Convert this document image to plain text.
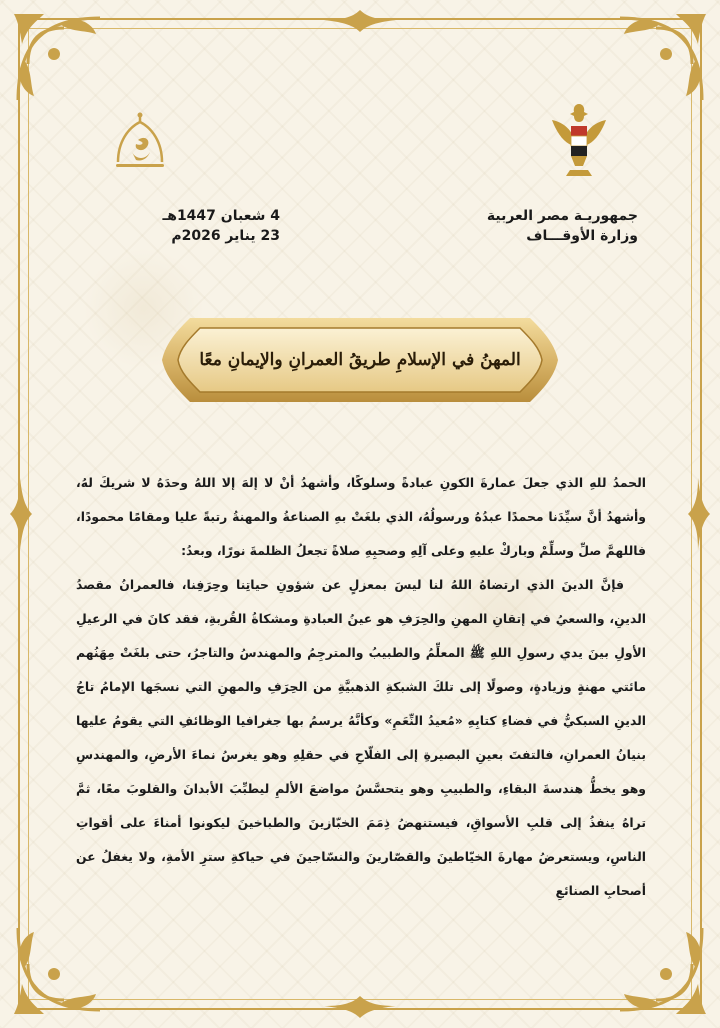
جمهوريـة مصر العربية
وزارة الأوقـــاف
4 شعبان 1447هـ
23 يناير 2026م
المهنُ في الإسلامِ طريقُ العمرانِ والإيمانِ معًا

الحمدُ للهِ الذي جعلَ عمارةَ الكونِ عبادةً وسلوكًا، وأشهدُ أنْ لا إلهَ إلا اللهُ وحدَهُ لا شريكَ لهُ، وأشهدُ أنَّ سيِّدَنا محمدًا عبدُهُ ورسولُهُ، الذي بلغَتْ بهِ الصناعةُ والمهنةُ رتبةً عليا ومقامًا محمودًا، فاللهمَّ صلِّ وسلِّمْ وباركْ عليهِ وعلى آلِهِ وصحبِهِ صلاةً تجعلُ الظلمةَ نورًا، وبعدُ:

فإنَّ الدينَ الذي ارتضاهُ اللهُ لنا ليسَ بمعزلٍ عن شؤونِ حياتِنا وحِرَفِنا، فالعمرانُ مقصدُ الدينِ، والسعيُ في إتقانِ المهنِ والحِرَفِ هو عينُ العبادةِ ومشكاةُ القُربةِ، فقد كانَ في الرعيلِ الأولِ بينَ يدي رسولِ اللهِ ﷺ المعلِّمُ والطبيبُ والمترجِمُ والمهندسُ والتاجرُ، حتى بلغَتْ مِهَنُهم مائتي مهنةٍ وزيادةٍ، وصولًا إلى تلكَ الشبكةِ الذهبيَّةِ من الحِرَفِ والمهنِ التي نسجَها الإمامُ تاجُ الدينِ السبكيُّ في فضاءِ كتابِهِ «مُعيدُ النِّعَمِ» وكأنَّهُ يرسمُ بها جغرافيا الوظائفِ التي يقومُ عليها بنيانُ العمرانِ، فالتفتَ بعينِ البصيرةِ إلى الفلّاحِ في حقلِهِ وهو يغرسُ نماءَ الأرضِ، والمهندسِ وهو يخطُّ هندسةَ البقاءِ، والطبيبِ وهو يتحسَّسُ مواضعَ الألمِ ليطبِّبَ الأبدانَ والقلوبَ معًا، ثمَّ تراهُ ينفذُ إلى قلبِ الأسواقِ، فيستنهضُ ذِمَمَ الخبّازينَ والطباخينَ ليكونوا أمناءَ على أقواتِ الناسِ، ويستعرضُ مهارةَ الخيّاطينَ والقصّارينَ والنسّاجينَ في حياكةِ سترِ الأمةِ، ولا يغفلُ عن أصحابِ الصنائعِ
